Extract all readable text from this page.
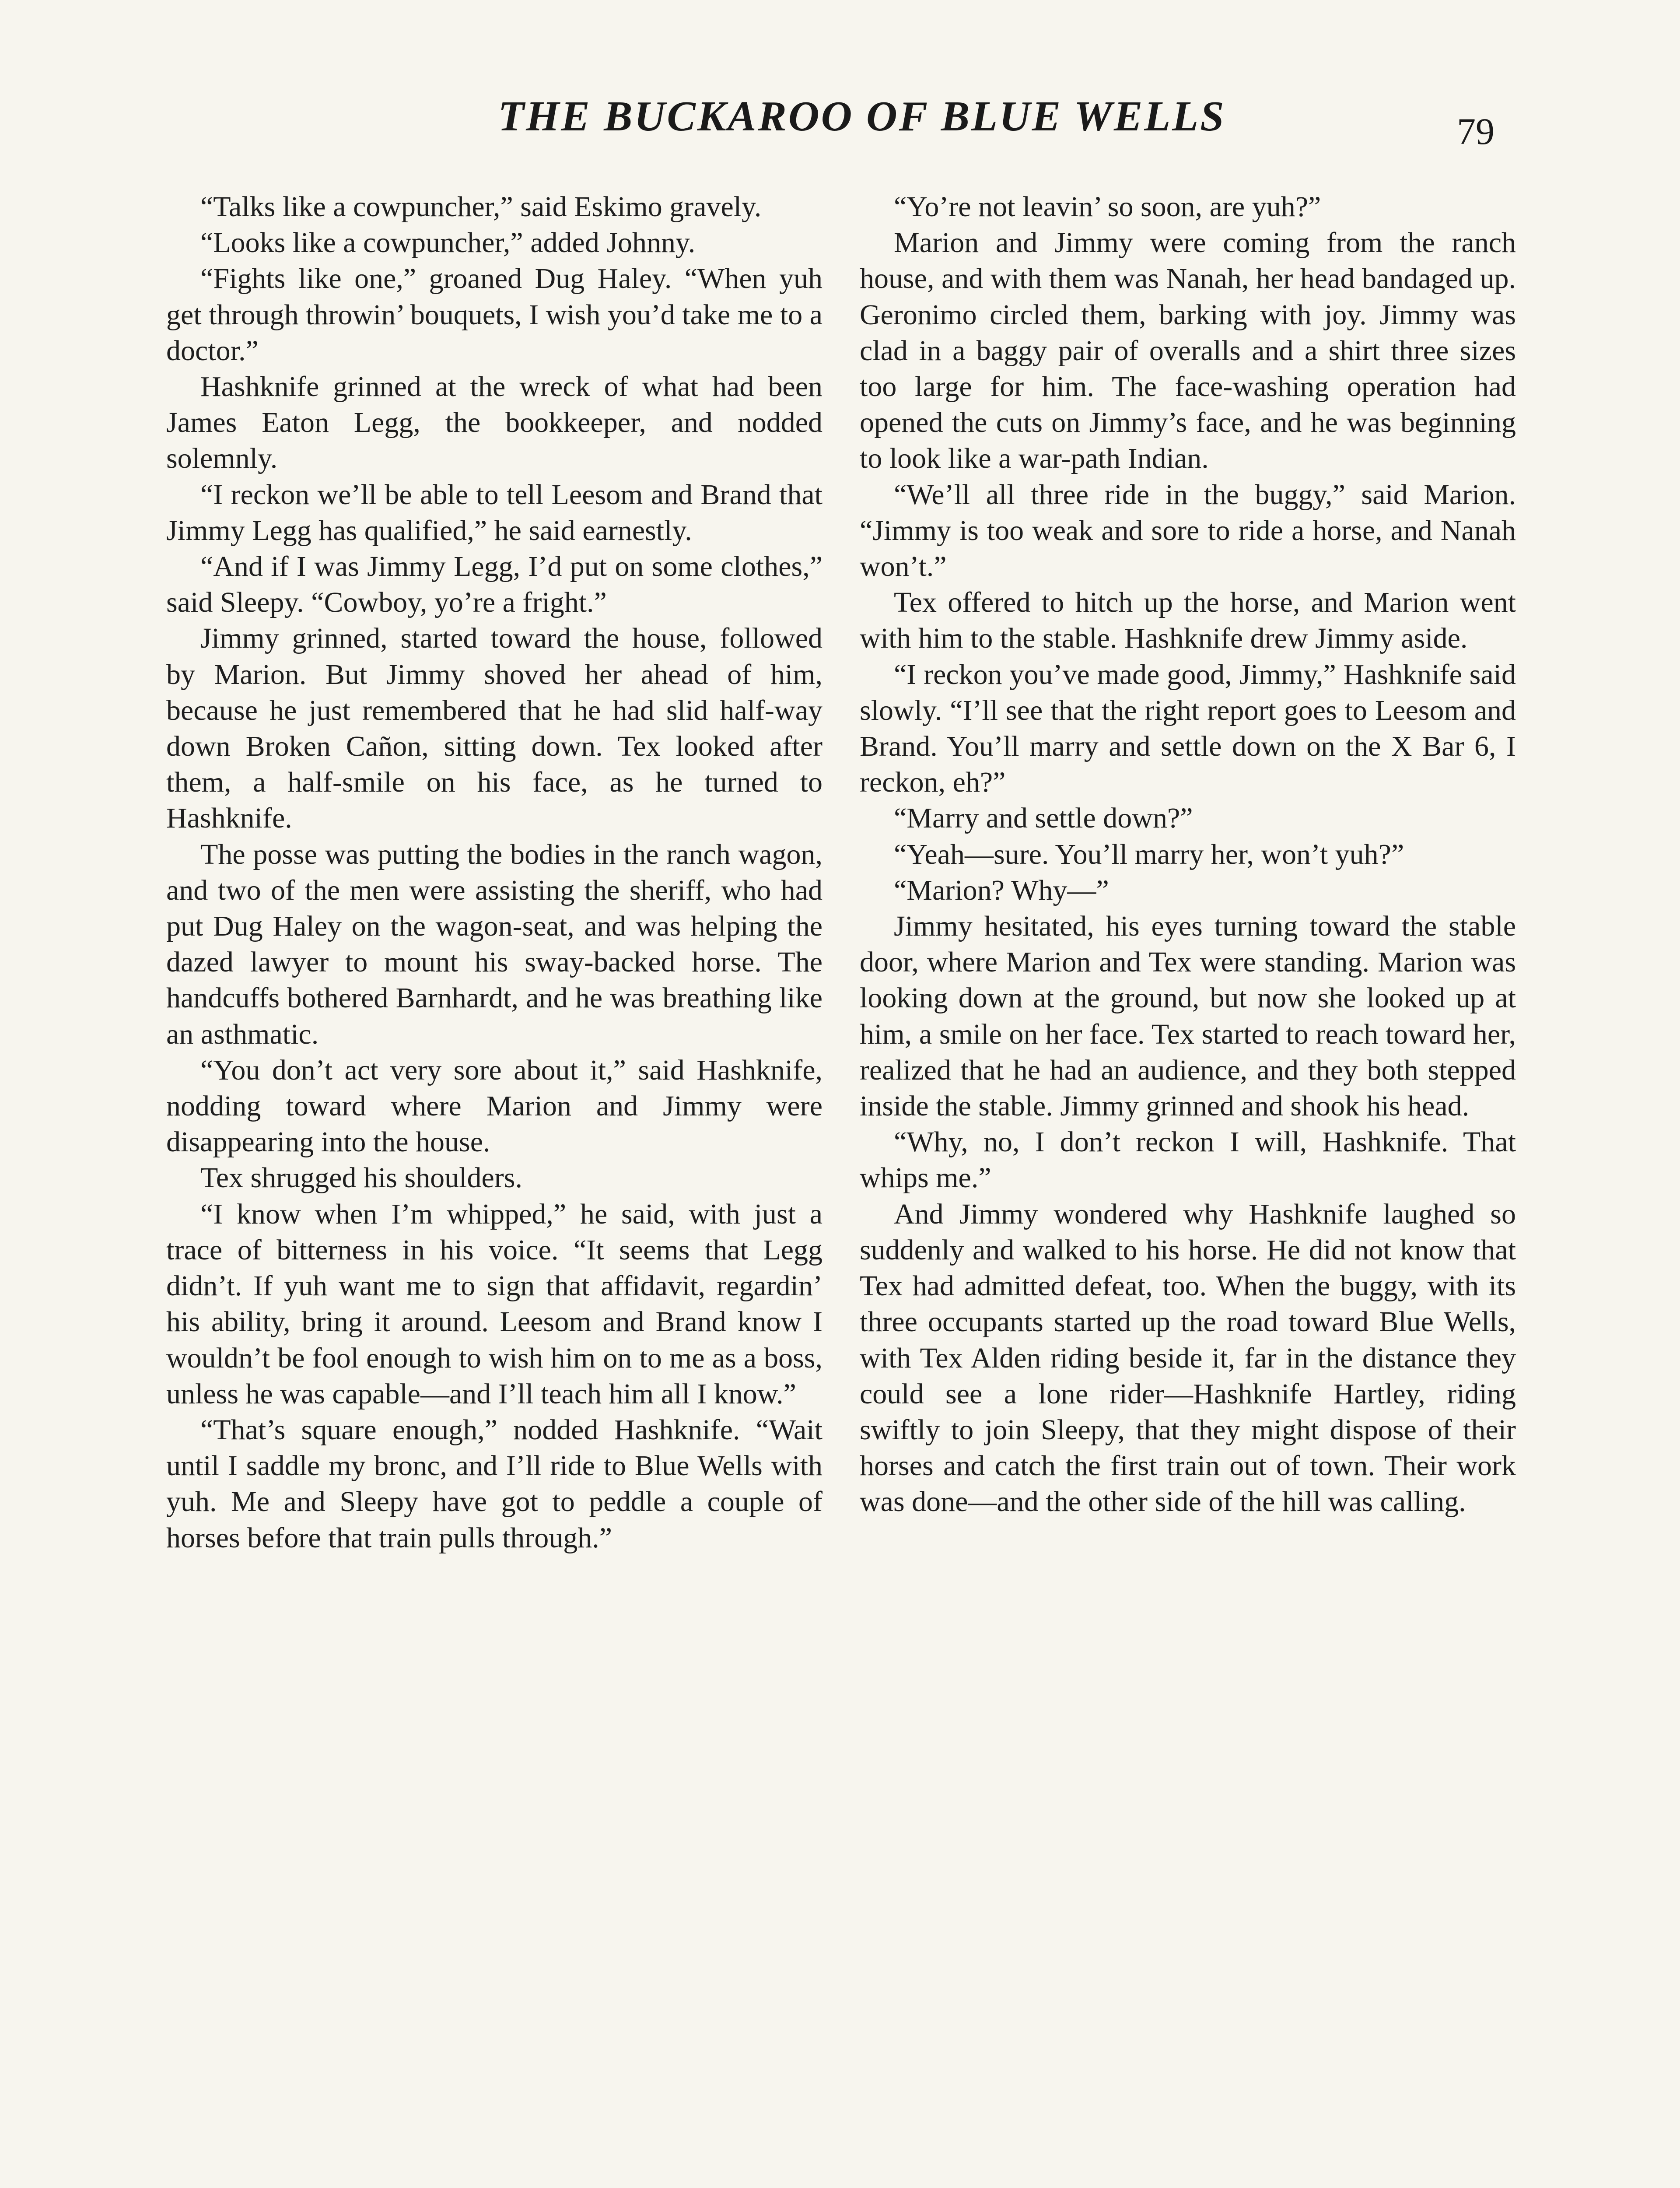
THE BUCKAROO OF BLUE WELLS	79

“Talks like a cowpuncher,” said Eskimo gravely.

“Looks like a cowpuncher,” added Johnny.

“Fights like one,” groaned Dug Haley. “When yuh get through throwin’ bouquets, I wish you’d take me to a doctor.”

Hashknife grinned at the wreck of what had been James Eaton Legg, the bookkeeper, and nodded solemnly.

“I reckon we’ll be able to tell Leesom and Brand that Jimmy Legg has qualified,” he said earnestly.

“And if I was Jimmy Legg, I’d put on some clothes,” said Sleepy. “Cowboy, yo’re a fright.”

Jimmy grinned, started toward the house, followed by Marion. But Jimmy shoved her ahead of him, because he just remembered that he had slid half-way down Broken Cañon, sitting down. Tex looked after them, a half-smile on his face, as he turned to Hashknife.

The posse was putting the bodies in the ranch wagon, and two of the men were assisting the sheriff, who had put Dug Haley on the wagon-seat, and was helping the dazed lawyer to mount his sway-backed horse. The handcuffs bothered Barnhardt, and he was breathing like an asthmatic.

“You don’t act very sore about it,” said Hashknife, nodding toward where Marion and Jimmy were disappearing into the house.

Tex shrugged his shoulders.

“I know when I’m whipped,” he said, with just a trace of bitterness in his voice. “It seems that Legg didn’t. If yuh want me to sign that affidavit, regardin’ his ability, bring it around. Leesom and Brand know I wouldn’t be fool enough to wish him on to me as a boss, unless he was capable—and I’ll teach him all I know.”

“That’s square enough,” nodded Hashknife. “Wait until I saddle my bronc, and I’ll ride to Blue Wells with yuh. Me and Sleepy have got to peddle a couple of horses before that train pulls through.”

“Yo’re not leavin’ so soon, are yuh?”

Marion and Jimmy were coming from the ranch house, and with them was Nanah, her head bandaged up. Geronimo circled them, barking with joy. Jimmy was clad in a baggy pair of overalls and a shirt three sizes too large for him. The face-washing operation had opened the cuts on Jimmy’s face, and he was beginning to look like a war-path Indian.

“We’ll all three ride in the buggy,” said Marion. “Jimmy is too weak and sore to ride a horse, and Nanah won’t.”

Tex offered to hitch up the horse, and Marion went with him to the stable. Hashknife drew Jimmy aside.

“I reckon you’ve made good, Jimmy,” Hashknife said slowly. “I’ll see that the right report goes to Leesom and Brand. You’ll marry and settle down on the X Bar 6, I reckon, eh?”

“Marry and settle down?”

“Yeah—sure. You’ll marry her, won’t yuh?”

“Marion? Why—”

Jimmy hesitated, his eyes turning toward the stable door, where Marion and Tex were standing. Marion was looking down at the ground, but now she looked up at him, a smile on her face. Tex started to reach toward her, realized that he had an audience, and they both stepped inside the stable. Jimmy grinned and shook his head.

“Why, no, I don’t reckon I will, Hashknife. That whips me.”

And Jimmy wondered why Hashknife laughed so suddenly and walked to his horse. He did not know that Tex had admitted defeat, too. When the buggy, with its three occupants started up the road toward Blue Wells, with Tex Alden riding beside it, far in the distance they could see a lone rider—Hashknife Hartley, riding swiftly to join Sleepy, that they might dispose of their horses and catch the first train out of town. Their work was done—and the other side of the hill was calling.
